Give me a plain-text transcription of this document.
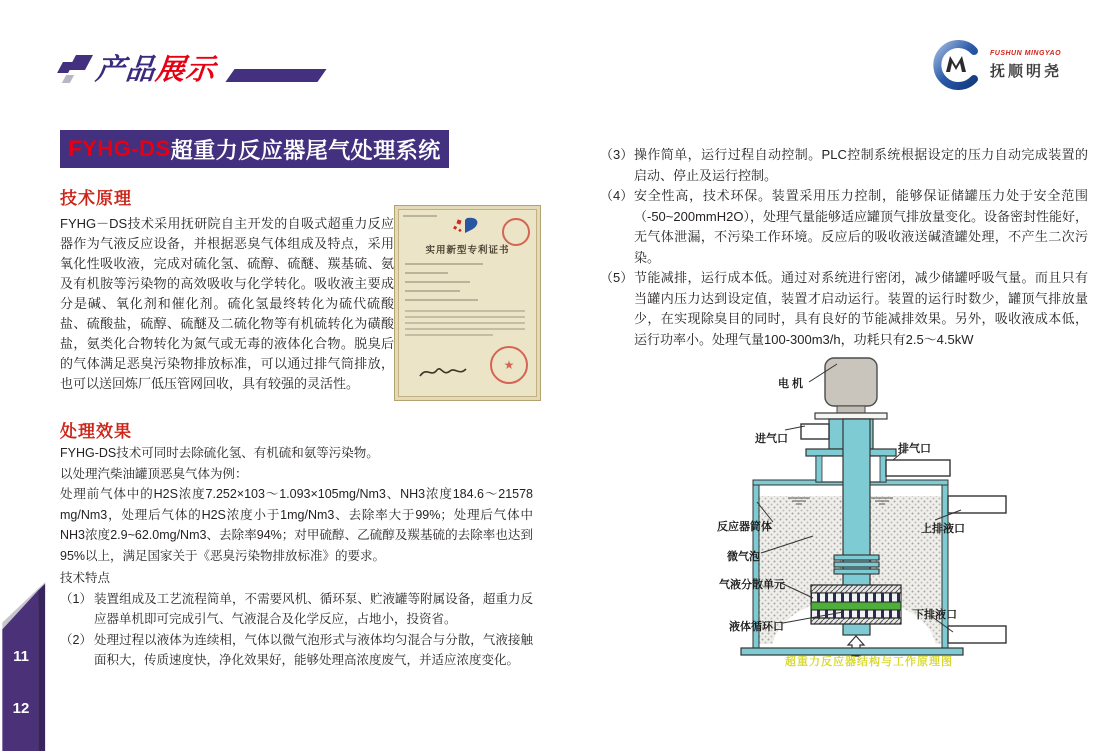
产品展示
FUSHUN MINGYAO
抚顺明尧
FYHG-DS 超重力反应器尾气处理系统
技术原理
FYHG－DS技术采用抚研院自主开发的自吸式超重力反应器作为气液反应设备，并根据恶臭气体组成及特点，采用氧化性吸收液，完成对硫化氢、硫醇、硫醚、羰基硫、氨及有机胺等污染物的高效吸收与化学转化。吸收液主要成分是碱、氧化剂和催化剂。硫化氢最终转化为硫代硫酸盐、硫酸盐，硫醇、硫醚及二硫化物等有机硫转化为磺酸盐，氨类化合物转化为氮气或无毒的液体化合物。脱臭后的气体满足恶臭污染物排放标准，可以通过排气筒排放，也可以送回炼厂低压管网回收，具有较强的灵活性。
实用新型专利证书
★
处理效果
FYHG-DS技术可同时去除硫化氢、有机硫和氨等污染物。
以处理汽柴油罐顶恶臭气体为例：
处理前气体中的H2S浓度7.252×103～1.093×105mg/Nm3、NH3浓度184.6～21578 mg/Nm3，处理后气体的H2S浓度小于1mg/Nm3、去除率大于99%；处理后气体中NH3浓度2.9~62.0mg/Nm3、去除率94%；对甲硫醇、乙硫醇及羰基硫的去除率也达到95%以上，满足国家关于《恶臭污染物排放标准》的要求。
技术特点
（1） 装置组成及工艺流程简单，不需要风机、循环泵、贮液罐等附属设备，超重力反应器单机即可完成引气、气液混合及化学反应，占地小，投资省。
（2） 处理过程以液体为连续相，气体以微气泡形式与液体均匀混合与分散，气液接触面积大，传质速度快，净化效果好，能够处理高浓度废气，并适应浓度变化。
（3） 操作简单，运行过程自动控制。PLC控制系统根据设定的压力自动完成装置的启动、停止及运行控制。
（4） 安全性高，技术环保。装置采用压力控制，能够保证储罐压力处于安全范围（-50~200mmH2O），处理气量能够适应罐顶气排放量变化。设备密封性能好，无气体泄漏，不污染工作环境。反应后的吸收液送碱渣罐处理，不产生二次污染。
（5） 节能减排，运行成本低。通过对系统进行密闭，减少储罐呼吸气量。而且只有当罐内压力达到设定值，装置才启动运行。装置的运行时数少，罐顶气排放量少，在实现除臭目的同时，具有良好的节能减排效果。另外，吸收液成本低，运行功率小。处理气量100-300m3/h，功耗只有2.5～4.5kW
电 机
进气口
排气口
上排液口
反应器筒体
微气泡
气液分散单元
液体循环口
下排液口
超重力反应器结构与工作原理图
11
12
